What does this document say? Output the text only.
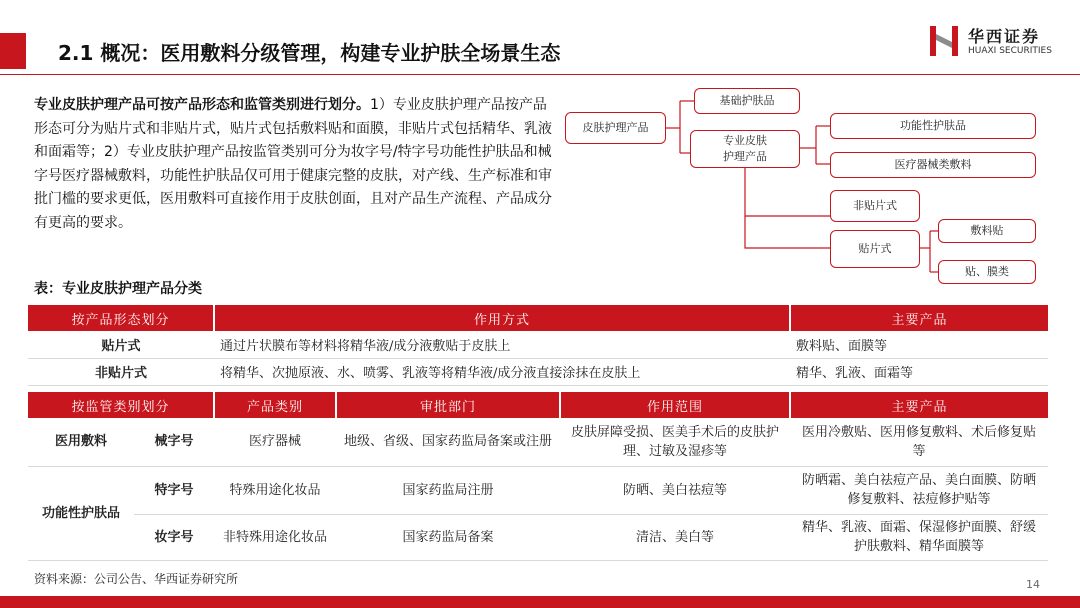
2.1 概况：医用敷料分级管理，构建专业护肤全场景生态
华西证券
HUAXI SECURITIES
专业皮肤护理产品可按产品形态和监管类别进行划分。1）专业皮肤护理产品按产品形态可分为贴片式和非贴片式，贴片式包括敷料贴和面膜，非贴片式包括精华、乳液和面霜等；2）专业皮肤护理产品按监管类别可分为妆字号/特字号功能性护肤品和械字号医疗器械敷料，功能性护肤品仅可用于健康完整的皮肤，对产线、生产标准和审批门槛的要求更低，医用敷料可直接作用于皮肤创面，且对产品生产流程、产品成分有更高的要求。
皮肤护理产品
基础护肤品
专业皮肤
护理产品
功能性护肤品
医疗器械类敷料
非贴片式
贴片式
敷料贴
贴、膜类
表：专业皮肤护理产品分类
按产品形态划分	作用方式	主要产品
贴片式	通过片状膜布等材料将精华液/成分液敷贴于皮肤上	敷料贴、面膜等
非贴片式	将精华、次抛原液、水、喷雾、乳液等将精华液/成分液直接涂抹在皮肤上	精华、乳液、面霜等
按监管类别划分		产品类别	审批部门	作用范围	主要产品
医用敷料	械字号	医疗器械	地级、省级、国家药监局备案或注册	皮肤屏障受损、医美手术后的皮肤护理、过敏及湿疹等	医用冷敷贴、医用修复敷料、术后修复贴等
功能性护肤品	特字号	特殊用途化妆品	国家药监局注册	防晒、美白祛痘等	防晒霜、美白祛痘产品、美白面膜、防晒修复敷料、祛痘修护贴等
	妆字号	非特殊用途化妆品	国家药监局备案	清洁、美白等	精华、乳液、面霜、保湿修护面膜、舒缓护肤敷料、精华面膜等
资料来源：公司公告、华西证券研究所	14
